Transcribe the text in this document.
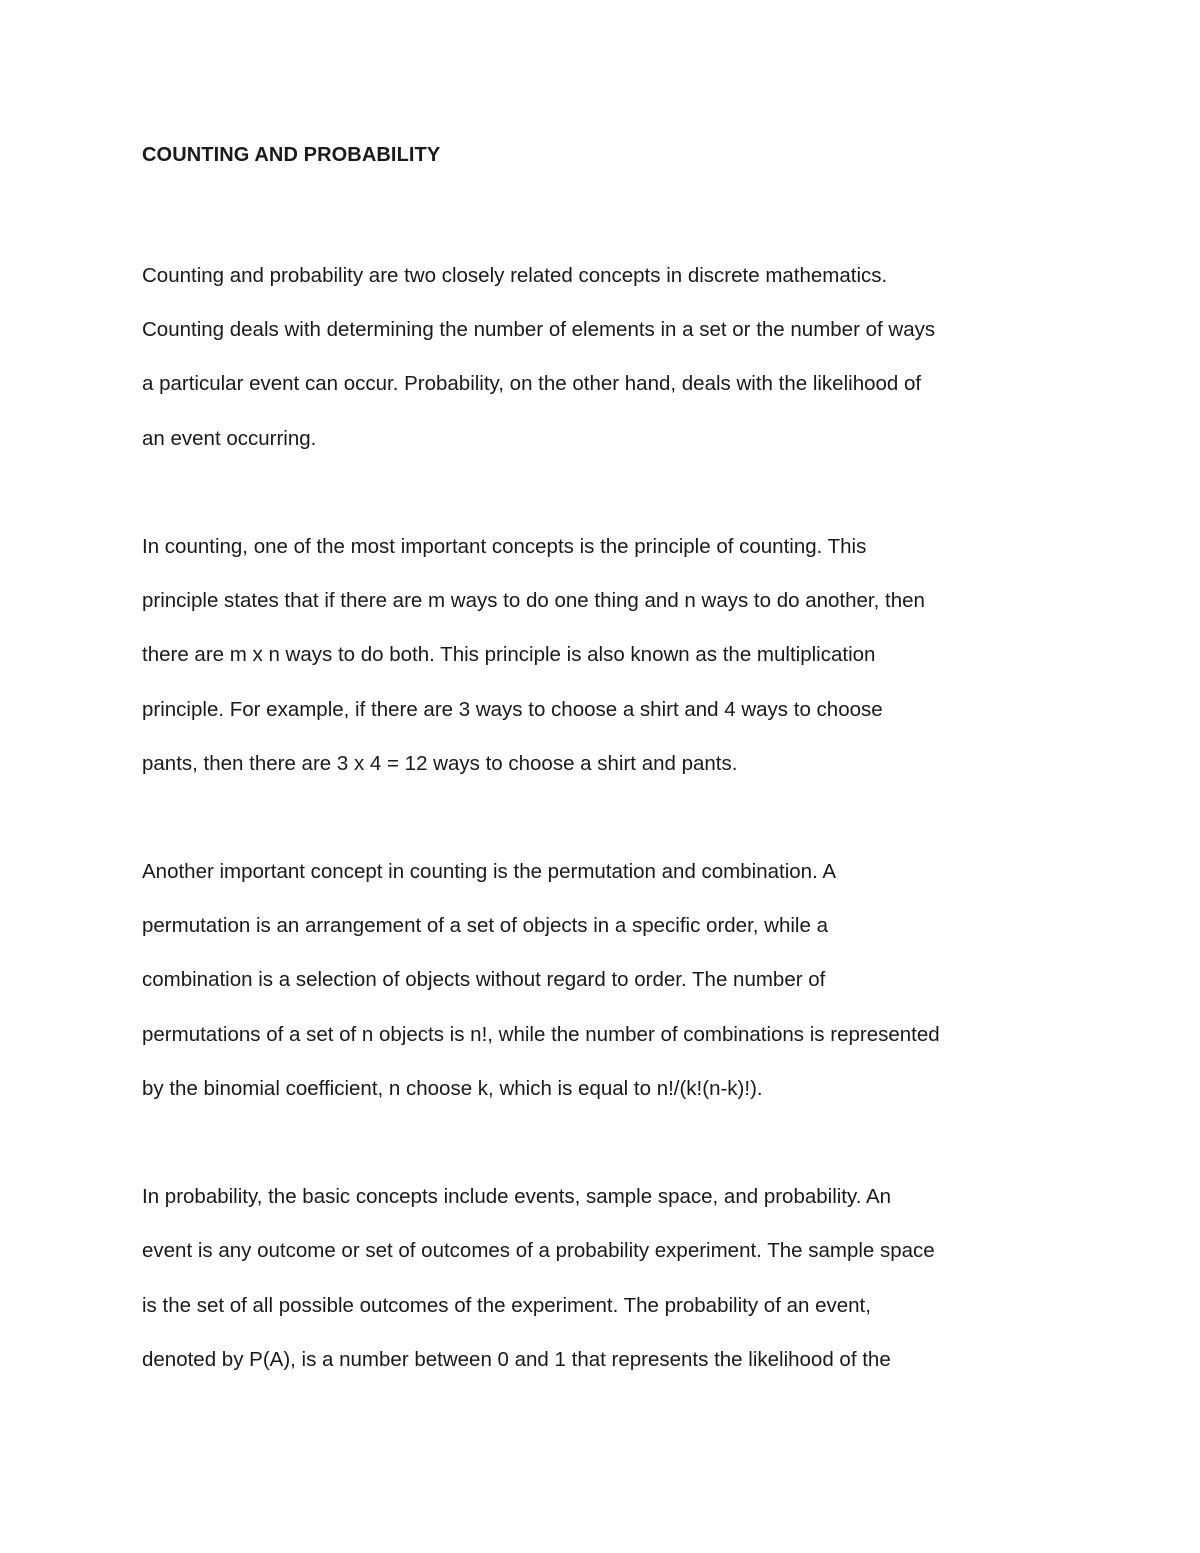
COUNTING AND PROBABILITY
Counting and probability are two closely related concepts in discrete mathematics.
Counting deals with determining the number of elements in a set or the number of ways
a particular event can occur. Probability, on the other hand, deals with the likelihood of
an event occurring.
In counting, one of the most important concepts is the principle of counting. This
principle states that if there are m ways to do one thing and n ways to do another, then
there are m x n ways to do both. This principle is also known as the multiplication
principle. For example, if there are 3 ways to choose a shirt and 4 ways to choose
pants, then there are 3 x 4 = 12 ways to choose a shirt and pants.
Another important concept in counting is the permutation and combination. A
permutation is an arrangement of a set of objects in a specific order, while a
combination is a selection of objects without regard to order. The number of
permutations of a set of n objects is n!, while the number of combinations is represented
by the binomial coefficient, n choose k, which is equal to n!/(k!(n-k)!).
In probability, the basic concepts include events, sample space, and probability. An
event is any outcome or set of outcomes of a probability experiment. The sample space
is the set of all possible outcomes of the experiment. The probability of an event,
denoted by P(A), is a number between 0 and 1 that represents the likelihood of the
